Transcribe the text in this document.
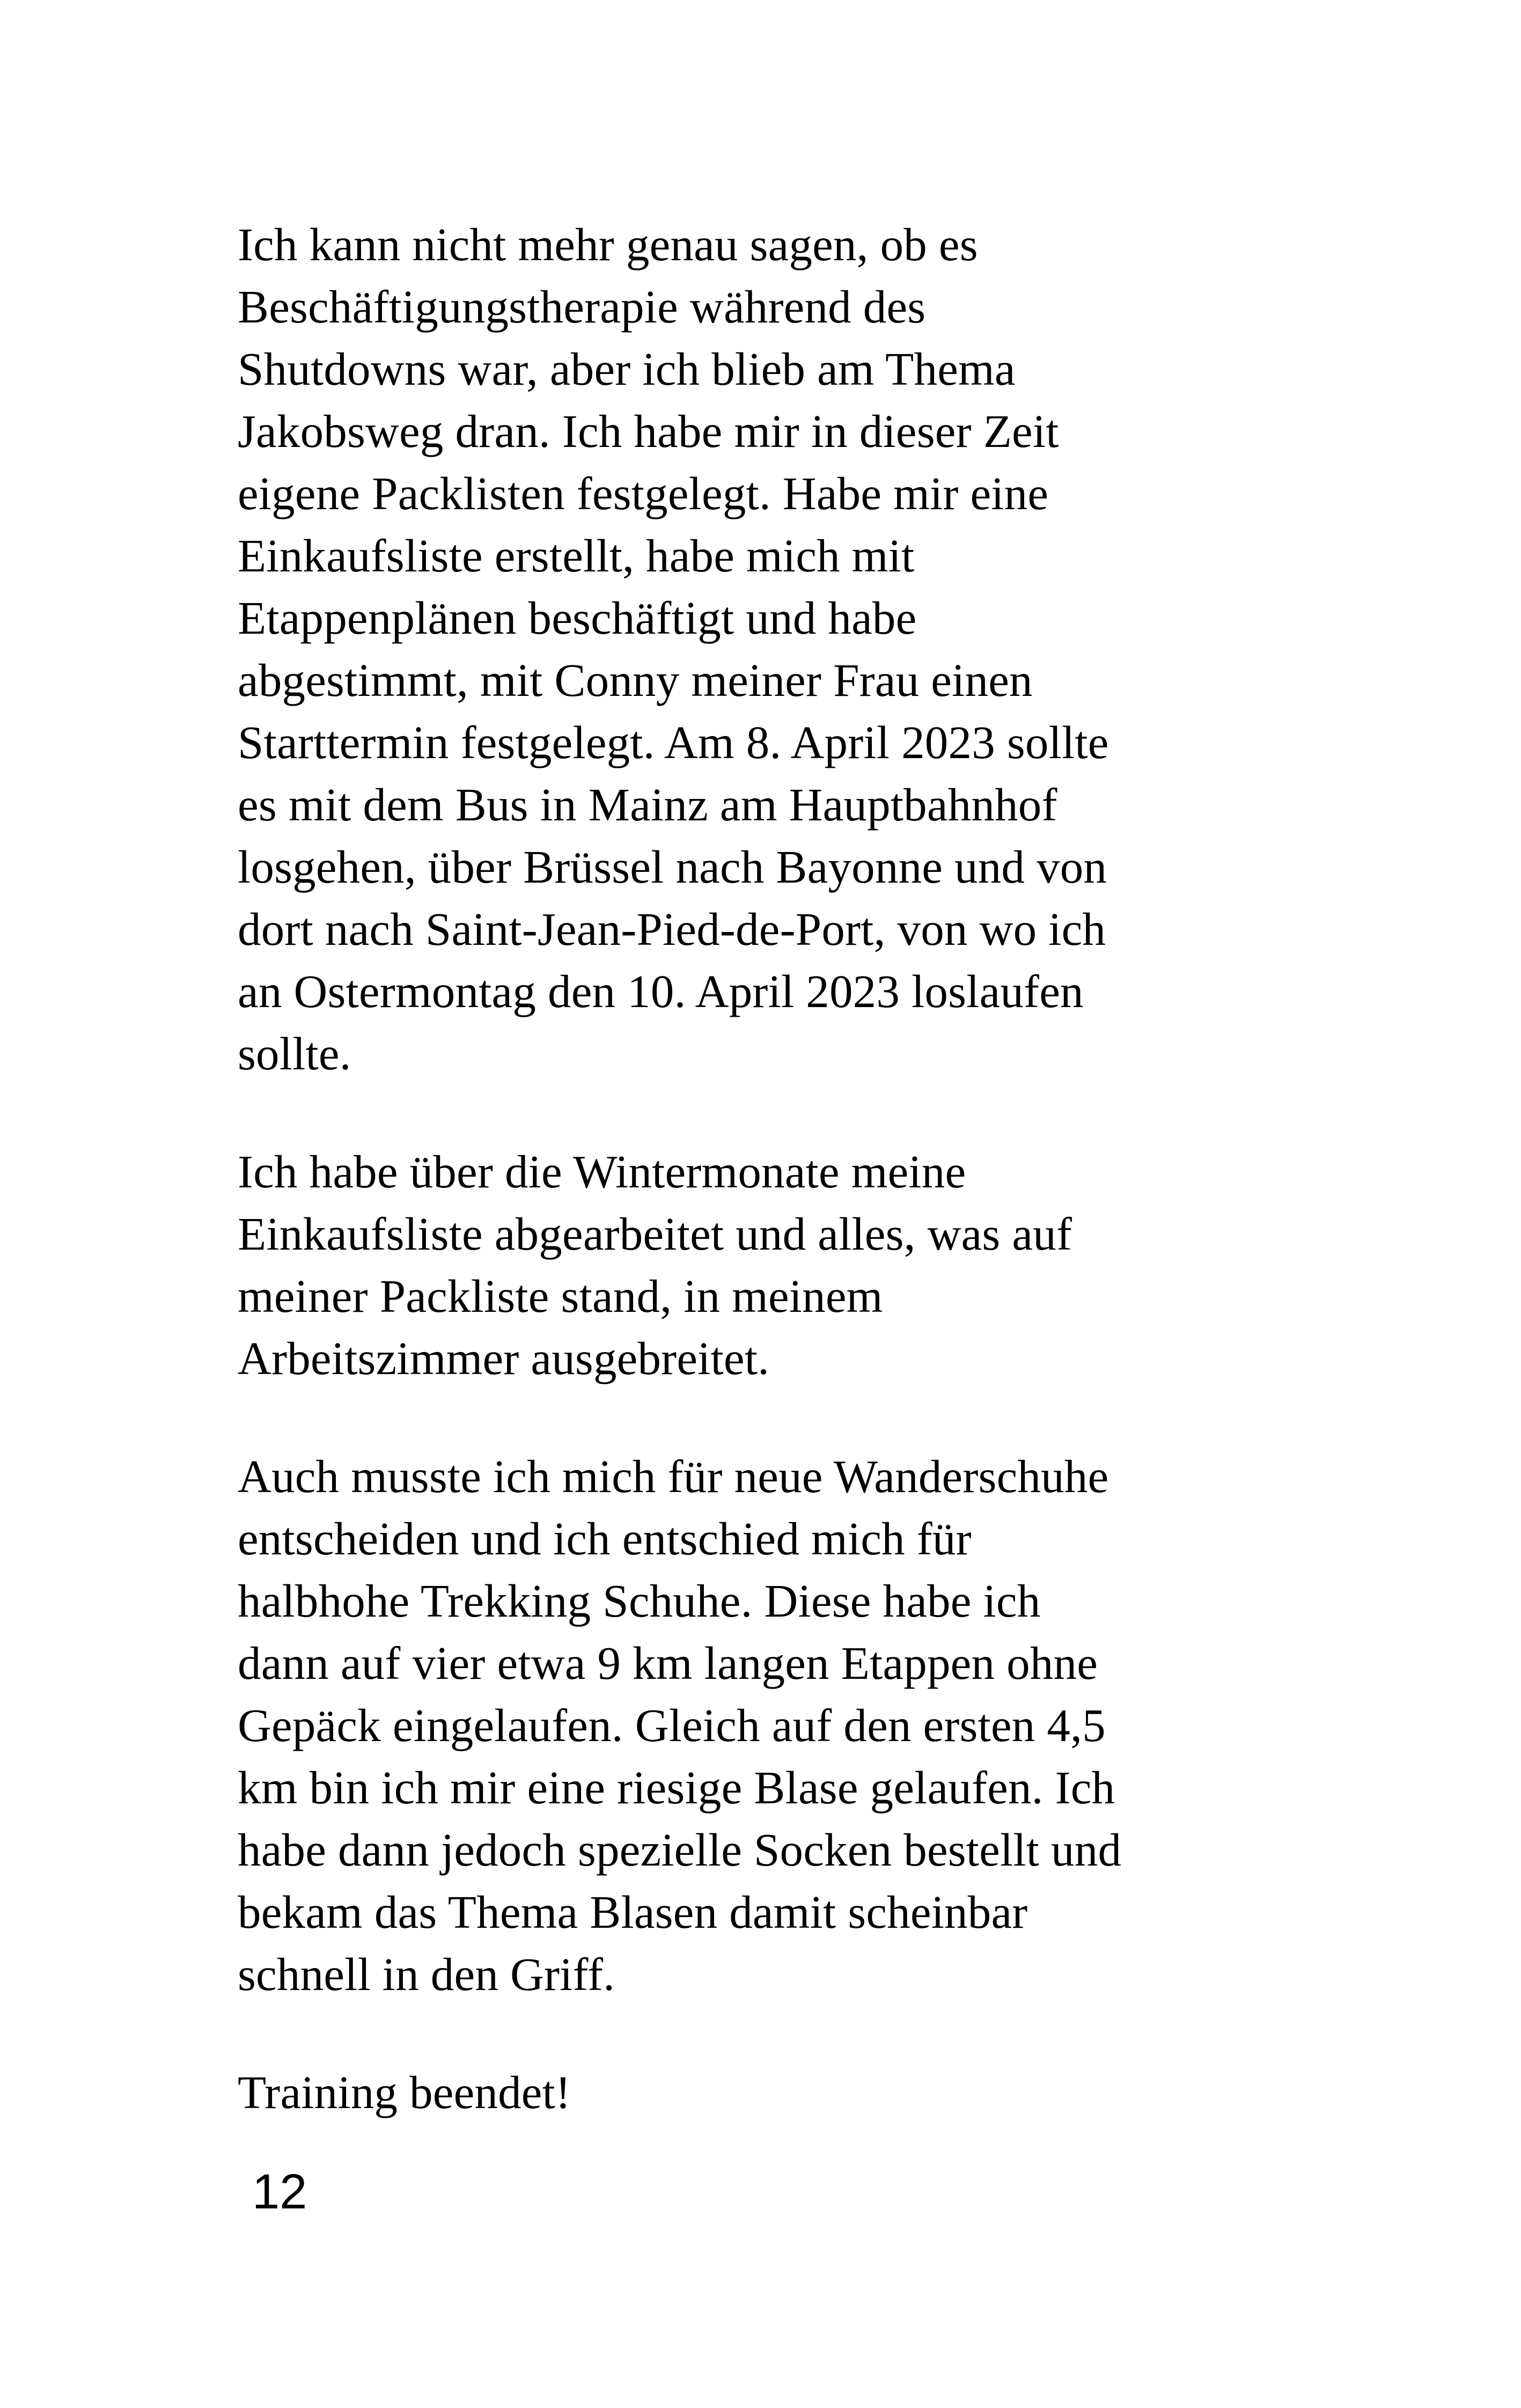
Ich kann nicht mehr genau sagen, ob es
Beschäftigungstherapie während des
Shutdowns war, aber ich blieb am Thema
Jakobsweg dran. Ich habe mir in dieser Zeit
eigene Packlisten festgelegt. Habe mir eine
Einkaufsliste erstellt, habe mich mit
Etappenplänen beschäftigt und habe
abgestimmt, mit Conny meiner Frau einen
Starttermin festgelegt. Am 8. April 2023 sollte
es mit dem Bus in Mainz am Hauptbahnhof
losgehen, über Brüssel nach Bayonne und von
dort nach Saint-Jean-Pied-de-Port, von wo ich
an Ostermontag den 10. April 2023 loslaufen
sollte.
Ich habe über die Wintermonate meine
Einkaufsliste abgearbeitet und alles, was auf
meiner Packliste stand, in meinem
Arbeitszimmer ausgebreitet.
Auch musste ich mich für neue Wanderschuhe
entscheiden und ich entschied mich für
halbhohe Trekking Schuhe. Diese habe ich
dann auf vier etwa 9 km langen Etappen ohne
Gepäck eingelaufen. Gleich auf den ersten 4,5
km bin ich mir eine riesige Blase gelaufen. Ich
habe dann jedoch spezielle Socken bestellt und
bekam das Thema Blasen damit scheinbar
schnell in den Griff.
Training beendet!
12
